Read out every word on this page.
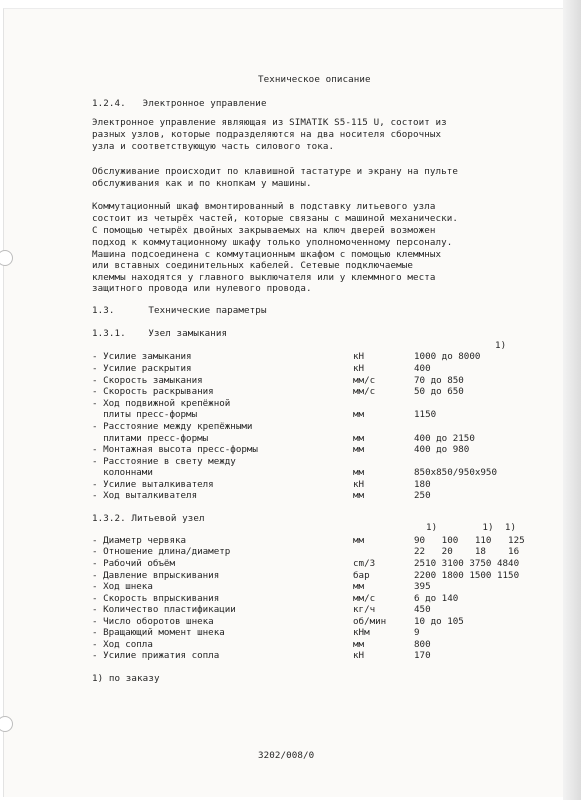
Техническое описание
1.2.4.   Электронное управление
Электронное управление являющая из SIMATIK S5-115 U, состоит из
разных узлов, которые подразделяются на два носителя сборочных
узла и соответствующую часть силового тока.
Обслуживание происходит по клавишной тастатуре и экрану на пульте
обслуживания как и по кнопкам у машины.
Коммутационный шкаф вмонтированный в подставку литьевого узла
состоит из четырёх частей, которые связаны с машиной механически.
С помощью четырёх двойных закрываемых на ключ дверей возможен
подход к коммутационному шкафу только уполномоченному персоналу.
Машина подсоединена с коммутационным шкафом с помощью клеммных
или вставных соединительных кабелей. Сетевые подключаемые
клеммы находятся у главного выключателя или у клеммного места
защитного провода или нулевого провода.
1.3.      Технические параметры
1.3.1.    Узел замыкания
1)
- Усилие замыкания	кН	1000 до 8000
- Усилие раскрытия	кН	400
- Скорость замыкания	мм/с	70 до 850
- Скорость раскрывания	мм/с	50 до 650
- Ход подвижной крепёжной
плиты пресс-формы	мм	1150
- Расстояние между крепёжными
плитами пресс-формы	мм	400 до 2150
- Монтажная высота пресс-формы	мм	400 до 980
- Расстояние в свету между
колоннами	мм	850x850/950x950
- Усилие выталкивателя	кН	180
- Ход выталкивателя	мм	250
1.3.2. Литьевой узел
1)        1)  1)
- Диаметр червяка	мм	90   100   110   125
- Отношение длина/диаметр	22   20    18    16
- Рабочий объём	cm/3	2510 3100 3750 4840
- Давление впрыскивания	бар	2200 1800 1500 1150
- Ход шнека	мм	395
- Скорость впрыскивания	мм/с	6 до 140
- Количество пластификации	кг/ч	450
- Число оборотов шнека	об/мин	10 до 105
- Вращающий момент шнека	кНм	9
- Ход сопла	мм	800
- Усилие прижатия сопла	кН	170
1) по заказу
3202/008/0
